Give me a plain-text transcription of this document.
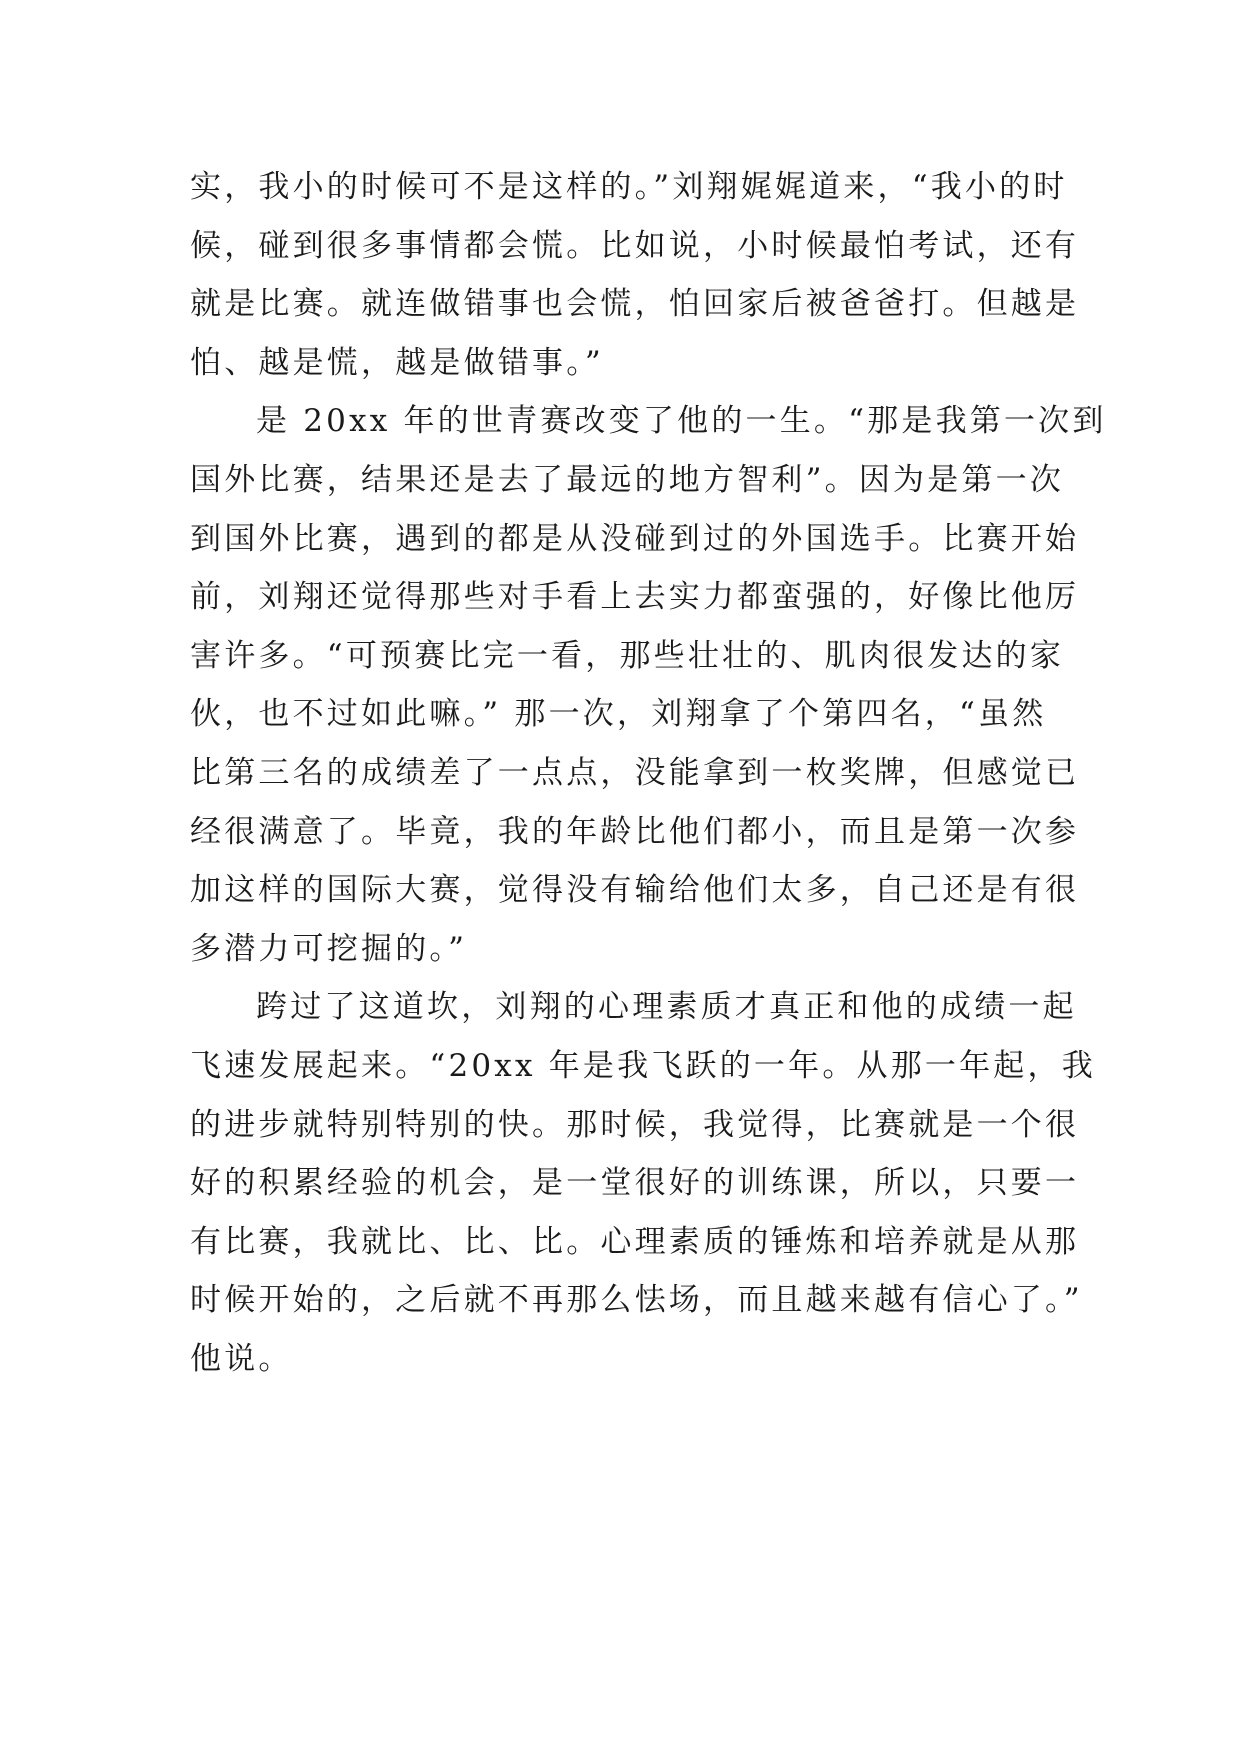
实，我小的时候可不是这样的。”刘翔娓娓道来，“我小的时
候，碰到很多事情都会慌。比如说，小时候最怕考试，还有
就是比赛。就连做错事也会慌，怕回家后被爸爸打。但越是
怕、越是慌，越是做错事。”
是 20xx 年的世青赛改变了他的一生。“那是我第一次到
国外比赛，结果还是去了最远的地方智利”。因为是第一次
到国外比赛，遇到的都是从没碰到过的外国选手。比赛开始
前，刘翔还觉得那些对手看上去实力都蛮强的，好像比他厉
害许多。“可预赛比完一看，那些壮壮的、肌肉很发达的家
伙，也不过如此嘛。” 那一次，刘翔拿了个第四名，“虽然
比第三名的成绩差了一点点，没能拿到一枚奖牌，但感觉已
经很满意了。毕竟，我的年龄比他们都小，而且是第一次参
加这样的国际大赛，觉得没有输给他们太多，自己还是有很
多潜力可挖掘的。”
跨过了这道坎，刘翔的心理素质才真正和他的成绩一起
飞速发展起来。“20xx 年是我飞跃的一年。从那一年起，我
的进步就特别特别的快。那时候，我觉得，比赛就是一个很
好的积累经验的机会，是一堂很好的训练课，所以，只要一
有比赛，我就比、比、比。心理素质的锤炼和培养就是从那
时候开始的，之后就不再那么怯场，而且越来越有信心了。”
他说。
